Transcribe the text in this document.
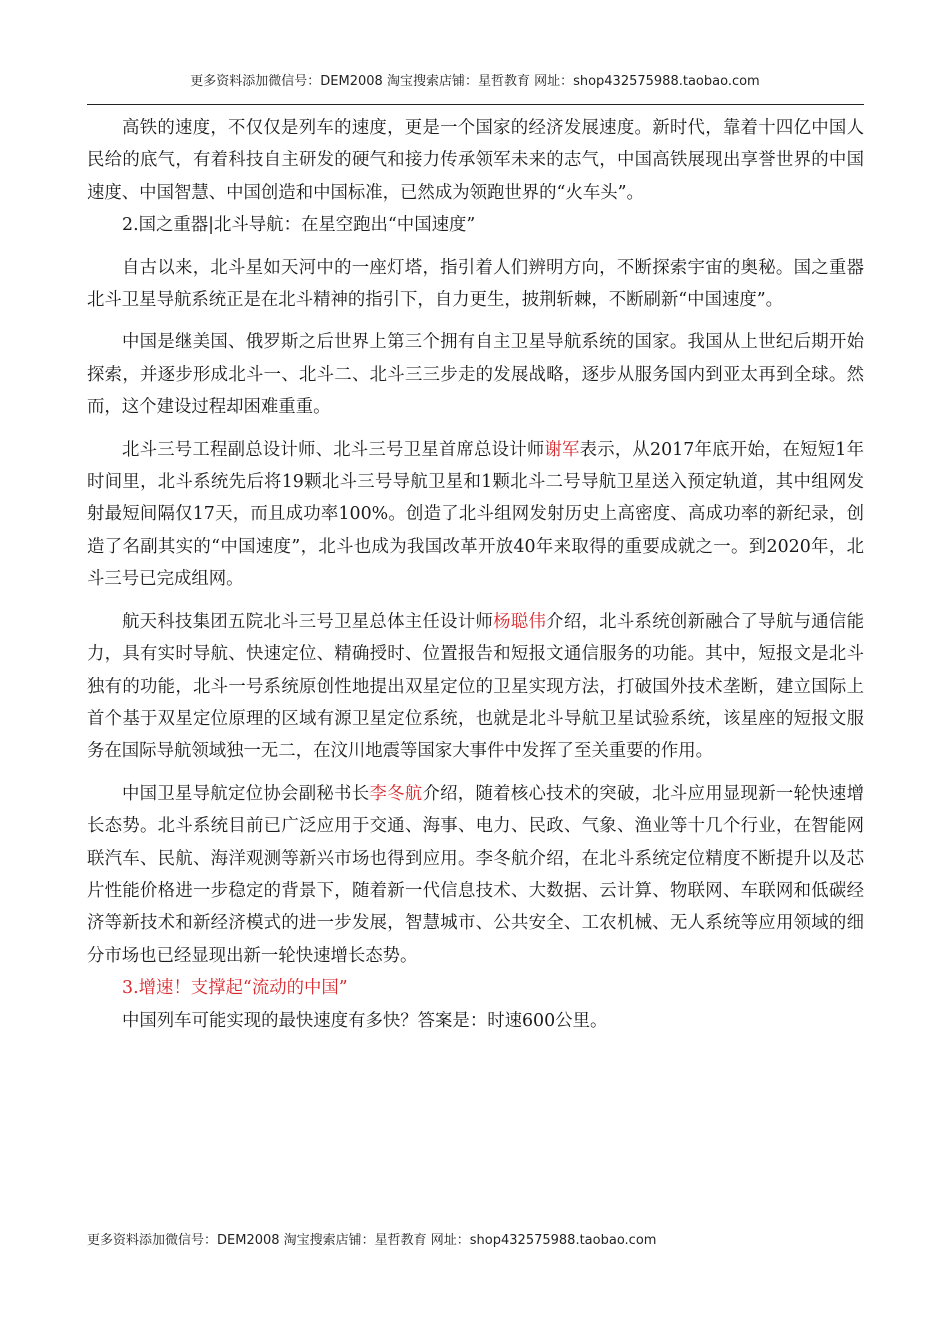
更多资料添加微信号：DEM2008 淘宝搜索店铺：星哲教育 网址：shop432575988.taobao.com

高铁的速度，不仅仅是列车的速度，更是一个国家的经济发展速度。新时代，靠着十四亿中国人民给的底气，有着科技自主研发的硬气和接力传承领军未来的志气，中国高铁展现出享誉世界的中国速度、中国智慧、中国创造和中国标准，已然成为领跑世界的“火车头”。

2.国之重器|北斗导航：在星空跑出“中国速度”

自古以来，北斗星如天河中的一座灯塔，指引着人们辨明方向，不断探索宇宙的奥秘。国之重器北斗卫星导航系统正是在北斗精神的指引下，自力更生，披荆斩棘，不断刷新“中国速度”。

中国是继美国、俄罗斯之后世界上第三个拥有自主卫星导航系统的国家。我国从上世纪后期开始探索，并逐步形成北斗一、北斗二、北斗三三步走的发展战略，逐步从服务国内到亚太再到全球。然而，这个建设过程却困难重重。

北斗三号工程副总设计师、北斗三号卫星首席总设计师谢军表示，从2017年底开始，在短短1年时间里，北斗系统先后将19颗北斗三号导航卫星和1颗北斗二号导航卫星送入预定轨道，其中组网发射最短间隔仅17天，而且成功率100%。创造了北斗组网发射历史上高密度、高成功率的新纪录，创造了名副其实的“中国速度”，北斗也成为我国改革开放40年来取得的重要成就之一。到2020年，北斗三号已完成组网。

航天科技集团五院北斗三号卫星总体主任设计师杨聪伟介绍，北斗系统创新融合了导航与通信能力，具有实时导航、快速定位、精确授时、位置报告和短报文通信服务的功能。其中，短报文是北斗独有的功能，北斗一号系统原创性地提出双星定位的卫星实现方法，打破国外技术垄断，建立国际上首个基于双星定位原理的区域有源卫星定位系统，也就是北斗导航卫星试验系统，该星座的短报文服务在国际导航领域独一无二，在汶川地震等国家大事件中发挥了至关重要的作用。

中国卫星导航定位协会副秘书长李冬航介绍，随着核心技术的突破，北斗应用显现新一轮快速增长态势。北斗系统目前已广泛应用于交通、海事、电力、民政、气象、渔业等十几个行业，在智能网联汽车、民航、海洋观测等新兴市场也得到应用。李冬航介绍，在北斗系统定位精度不断提升以及芯片性能价格进一步稳定的背景下，随着新一代信息技术、大数据、云计算、物联网、车联网和低碳经济等新技术和新经济模式的进一步发展，智慧城市、公共安全、工农机械、无人系统等应用领域的细分市场也已经显现出新一轮快速增长态势。

3.增速！支撑起“流动的中国”

中国列车可能实现的最快速度有多快？答案是：时速600公里。

更多资料添加微信号：DEM2008 淘宝搜索店铺：星哲教育 网址：shop432575988.taobao.com
